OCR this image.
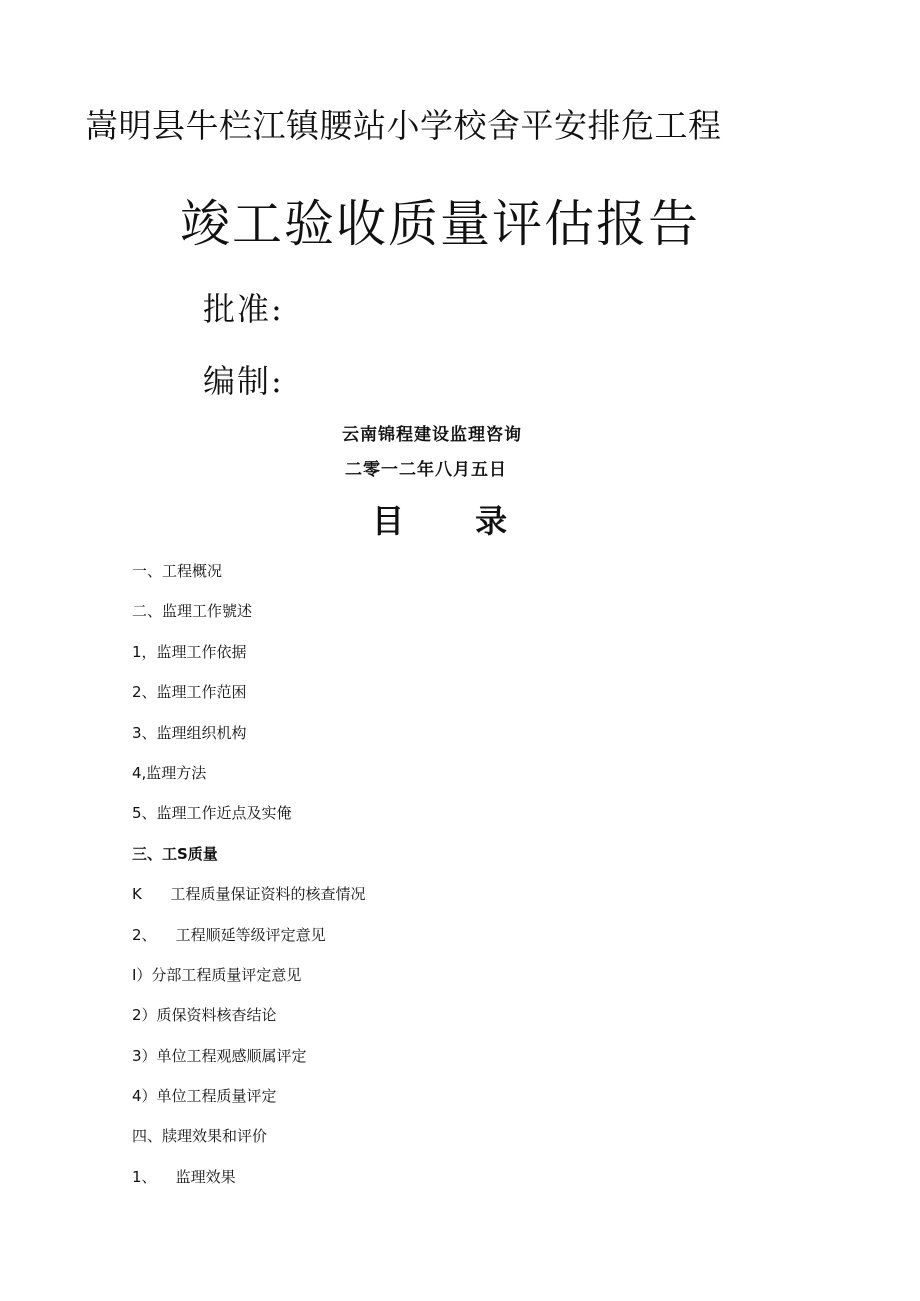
嵩明县牛栏江镇腰站小学校舍平安排危工程
竣工验收质量评估报告
批准:
编制:
云南锦程建设监理咨询
二零一二年八月五日
目 录
一、工程概况
二、监理工作號述
1，监理工作依据
2、监理工作范困
3、监理组织机构
4,监理方法
5、监理工作近点及实俺
三、工S质量
K      工程质量保证资料的核查情况
2、    工程顺延等级评定意见
I）分部工程质量评定意见
2）质保资料核杳结论
3）单位工程观感顺属评定
4）单位工程质量评定
四、牍理效果和评价
1、    监理效果
